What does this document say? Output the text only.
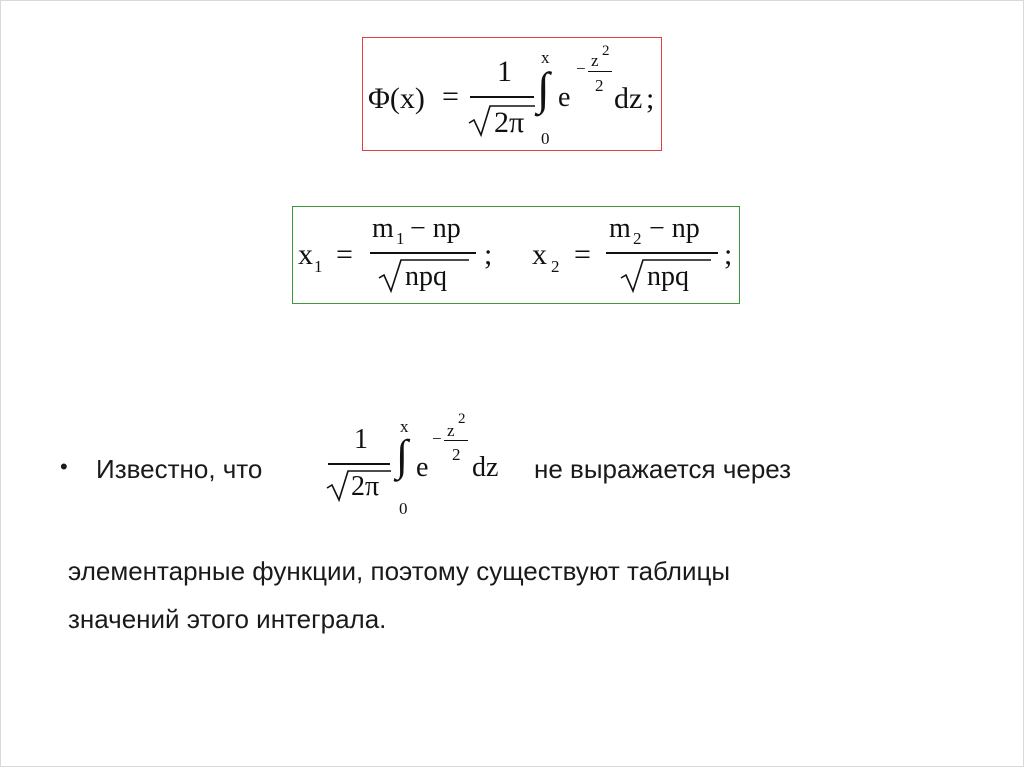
Φ(x) =
1
2π
∫
x
0
e
− z 2
2 dz ;
x 1 =
m 1 − np
npq
; x 2 =
m 2 − np
npq
;
• Известно, что
1
2π
∫
x
0
e
− z
2
2 dz не выражается через
элементарные функции, поэтому существуют таблицы
значений этого интеграла.
